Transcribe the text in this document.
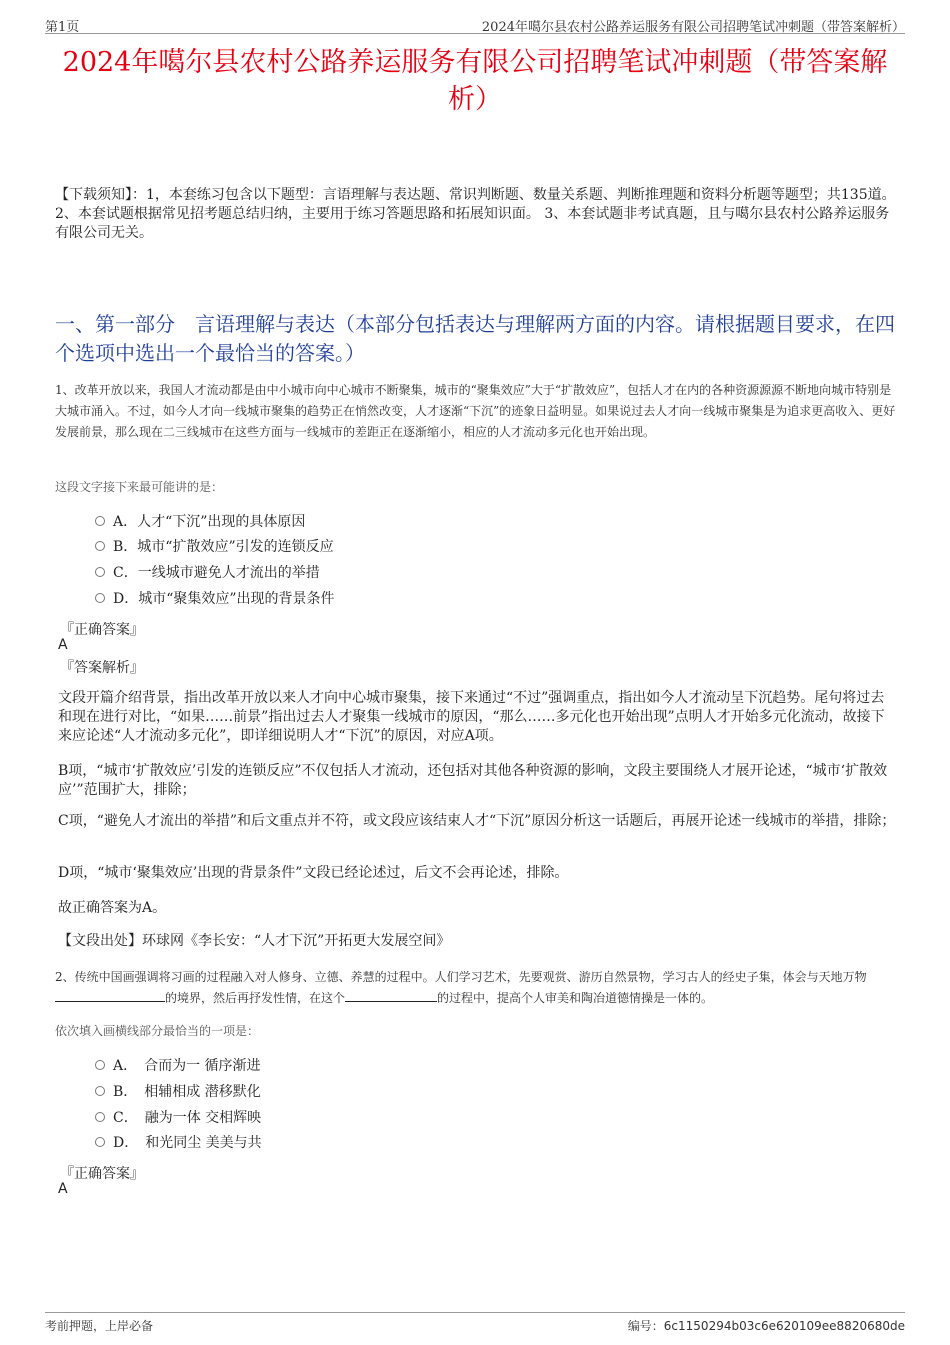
第1页	2024年噶尔县农村公路养运服务有限公司招聘笔试冲刺题（带答案解析）
2024年噶尔县农村公路养运服务有限公司招聘笔试冲刺题（带答案解析）
【下载须知】：1，本套练习包含以下题型：言语理解与表达题、常识判断题、数量关系题、判断推理题和资料分析题等题型；共135道。 2、本套试题根据常见招考题总结归纳，主要用于练习答题思路和拓展知识面。 3、本套试题非考试真题，且与噶尔县农村公路养运服务有限公司无关。
一、第一部分　言语理解与表达（本部分包括表达与理解两方面的内容。请根据题目要求，在四个选项中选出一个最恰当的答案。）
1、改革开放以来，我国人才流动都是由中小城市向中心城市不断聚集，城市的“聚集效应”大于“扩散效应”，包括人才在内的各种资源源源不断地向城市特别是大城市涌入。不过，如今人才向一线城市聚集的趋势正在悄然改变，人才逐渐“下沉”的迹象日益明显。如果说过去人才向一线城市聚集是为追求更高收入、更好发展前景，那么现在二三线城市在这些方面与一线城市的差距正在逐渐缩小，相应的人才流动多元化也开始出现。
这段文字接下来最可能讲的是：
A．人才“下沉”出现的具体原因
B．城市“扩散效应”引发的连锁反应
C．一线城市避免人才流出的举措
D．城市“聚集效应”出现的背景条件
『正确答案』
A
『答案解析』
文段开篇介绍背景，指出改革开放以来人才向中心城市聚集，接下来通过“不过”强调重点，指出如今人才流动呈下沉趋势。尾句将过去和现在进行对比，“如果……前景”指出过去人才聚集一线城市的原因，“那么……多元化也开始出现”点明人才开始多元化流动，故接下来应论述“人才流动多元化”，即详细说明人才“下沉”的原因，对应A项。
B项，“城市‘扩散效应’引发的连锁反应”不仅包括人才流动，还包括对其他各种资源的影响，文段主要围绕人才展开论述，“城市‘扩散效应’”范围扩大，排除；
C项，“避免人才流出的举措”和后文重点并不符，或文段应该结束人才“下沉”原因分析这一话题后，再展开论述一线城市的举措，排除；
D项，“城市‘聚集效应’出现的背景条件”文段已经论述过，后文不会再论述，排除。
故正确答案为A。
【文段出处】环球网《李长安：“人才下沉”开拓更大发展空间》
2、传统中国画强调将习画的过程融入对人修身、立德、养慧的过程中。人们学习艺术，先要观赏、游历自然景物，学习古人的经史子集，体会与天地万物的境界，然后再抒发性情，在这个	的过程中，提高个人审美和陶冶道德情操是一体的。
依次填入画横线部分最恰当的一项是：
A．　合而为一 循序渐进
B．　相辅相成 潜移默化
C．　融为一体 交相辉映
D．　和光同尘 美美与共
『正确答案』
A
考前押题，上岸必备	编号：6c1150294b03c6e620109ee8820680de
